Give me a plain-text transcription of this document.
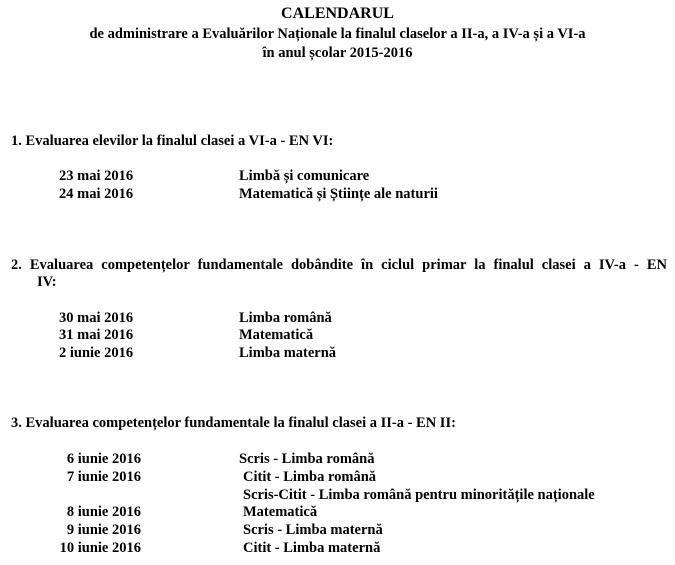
CALENDARUL
de administrare a Evaluărilor Naționale la finalul claselor a II-a, a IV-a și a VI-a
în anul școlar 2015-2016
1. Evaluarea elevilor la finalul clasei a VI-a - EN VI:
23 mai 2016	Limbă și comunicare
24 mai 2016	Matematică și Științe ale naturii
2. Evaluarea competențelor fundamentale dobândite în ciclul primar la finalul clasei a IV-a - EN
IV:
30 mai 2016	Limba română
31 mai 2016	Matematică
2 iunie 2016	Limba maternă
3. Evaluarea competențelor fundamentale la finalul clasei a II-a - EN II:
6 iunie 2016	Scris - Limba română
7 iunie 2016	Citit - Limba română
Scris-Citit - Limba română pentru minoritățile naționale
8 iunie 2016	Matematică
9 iunie 2016	Scris - Limba maternă
10 iunie 2016	Citit - Limba maternă
